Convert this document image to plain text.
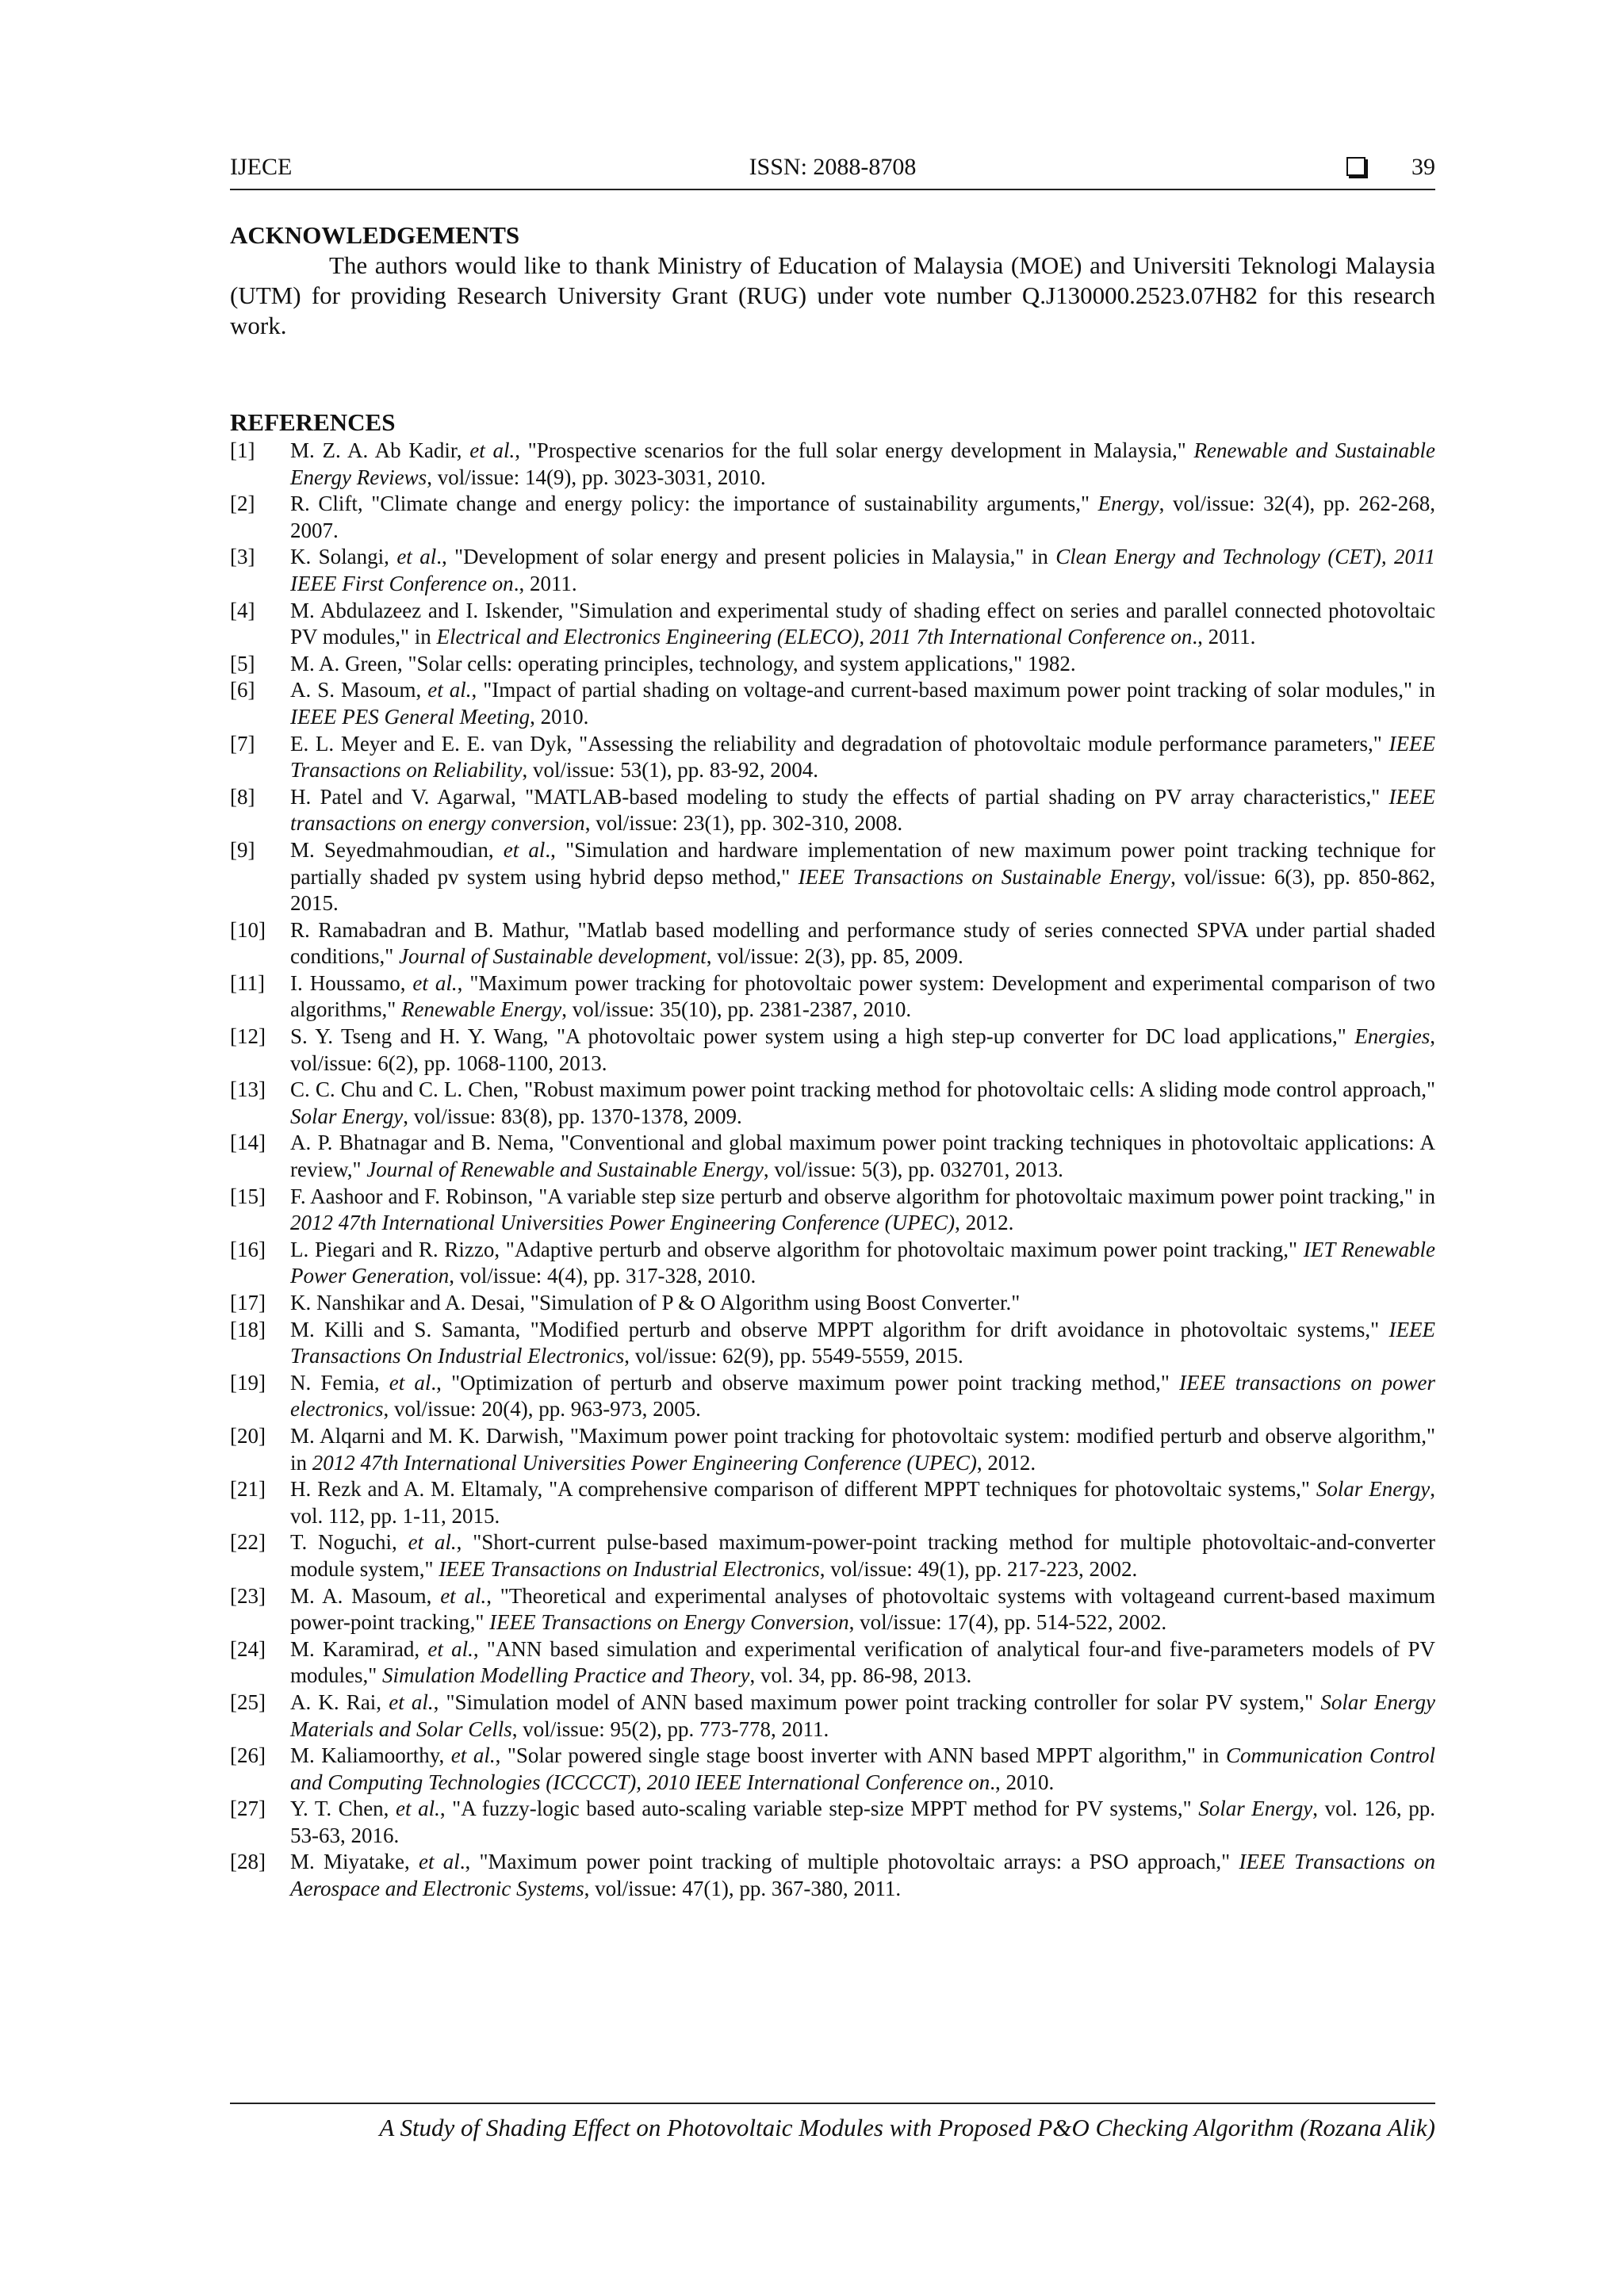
IJECE	ISSN: 2088-8708	39
ACKNOWLEDGEMENTS

The authors would like to thank Ministry of Education of Malaysia (MOE) and Universiti Teknologi Malaysia (UTM) for providing Research University Grant (RUG) under vote number Q.J130000.2523.07H82 for this research work.

REFERENCES
[1] M. Z. A. Ab Kadir, et al., "Prospective scenarios for the full solar energy development in Malaysia," Renewable and Sustainable Energy Reviews, vol/issue: 14(9), pp. 3023-3031, 2010.
[2] R. Clift, "Climate change and energy policy: the importance of sustainability arguments," Energy, vol/issue: 32(4), pp. 262-268, 2007.
[3] K. Solangi, et al., "Development of solar energy and present policies in Malaysia," in Clean Energy and Technology (CET), 2011 IEEE First Conference on., 2011.
[4] M. Abdulazeez and I. Iskender, "Simulation and experimental study of shading effect on series and parallel connected photovoltaic PV modules," in Electrical and Electronics Engineering (ELECO), 2011 7th International Conference on., 2011.
[5] M. A. Green, "Solar cells: operating principles, technology, and system applications," 1982.
[6] A. S. Masoum, et al., "Impact of partial shading on voltage-and current-based maximum power point tracking of solar modules," in IEEE PES General Meeting, 2010.
[7] E. L. Meyer and E. E. van Dyk, "Assessing the reliability and degradation of photovoltaic module performance parameters," IEEE Transactions on Reliability, vol/issue: 53(1), pp. 83-92, 2004.
[8] H. Patel and V. Agarwal, "MATLAB-based modeling to study the effects of partial shading on PV array characteristics," IEEE transactions on energy conversion, vol/issue: 23(1), pp. 302-310, 2008.
[9] M. Seyedmahmoudian, et al., "Simulation and hardware implementation of new maximum power point tracking technique for partially shaded pv system using hybrid depso method," IEEE Transactions on Sustainable Energy, vol/issue: 6(3), pp. 850-862, 2015.
[10] R. Ramabadran and B. Mathur, "Matlab based modelling and performance study of series connected SPVA under partial shaded conditions," Journal of Sustainable development, vol/issue: 2(3), pp. 85, 2009.
[11] I. Houssamo, et al., "Maximum power tracking for photovoltaic power system: Development and experimental comparison of two algorithms," Renewable Energy, vol/issue: 35(10), pp. 2381-2387, 2010.
[12] S. Y. Tseng and H. Y. Wang, "A photovoltaic power system using a high step-up converter for DC load applications," Energies, vol/issue: 6(2), pp. 1068-1100, 2013.
[13] C. C. Chu and C. L. Chen, "Robust maximum power point tracking method for photovoltaic cells: A sliding mode control approach," Solar Energy, vol/issue: 83(8), pp. 1370-1378, 2009.
[14] A. P. Bhatnagar and B. Nema, "Conventional and global maximum power point tracking techniques in photovoltaic applications: A review," Journal of Renewable and Sustainable Energy, vol/issue: 5(3), pp. 032701, 2013.
[15] F. Aashoor and F. Robinson, "A variable step size perturb and observe algorithm for photovoltaic maximum power point tracking," in 2012 47th International Universities Power Engineering Conference (UPEC), 2012.
[16] L. Piegari and R. Rizzo, "Adaptive perturb and observe algorithm for photovoltaic maximum power point tracking," IET Renewable Power Generation, vol/issue: 4(4), pp. 317-328, 2010.
[17] K. Nanshikar and A. Desai, "Simulation of P & O Algorithm using Boost Converter."
[18] M. Killi and S. Samanta, "Modified perturb and observe MPPT algorithm for drift avoidance in photovoltaic systems," IEEE Transactions On Industrial Electronics, vol/issue: 62(9), pp. 5549-5559, 2015.
[19] N. Femia, et al., "Optimization of perturb and observe maximum power point tracking method," IEEE transactions on power electronics, vol/issue: 20(4), pp. 963-973, 2005.
[20] M. Alqarni and M. K. Darwish, "Maximum power point tracking for photovoltaic system: modified perturb and observe algorithm," in 2012 47th International Universities Power Engineering Conference (UPEC), 2012.
[21] H. Rezk and A. M. Eltamaly, "A comprehensive comparison of different MPPT techniques for photovoltaic systems," Solar Energy, vol. 112, pp. 1-11, 2015.
[22] T. Noguchi, et al., "Short-current pulse-based maximum-power-point tracking method for multiple photovoltaic-and-converter module system," IEEE Transactions on Industrial Electronics, vol/issue: 49(1), pp. 217-223, 2002.
[23] M. A. Masoum, et al., "Theoretical and experimental analyses of photovoltaic systems with voltageand current-based maximum power-point tracking," IEEE Transactions on Energy Conversion, vol/issue: 17(4), pp. 514-522, 2002.
[24] M. Karamirad, et al., "ANN based simulation and experimental verification of analytical four-and five-parameters models of PV modules," Simulation Modelling Practice and Theory, vol. 34, pp. 86-98, 2013.
[25] A. K. Rai, et al., "Simulation model of ANN based maximum power point tracking controller for solar PV system," Solar Energy Materials and Solar Cells, vol/issue: 95(2), pp. 773-778, 2011.
[26] M. Kaliamoorthy, et al., "Solar powered single stage boost inverter with ANN based MPPT algorithm," in Communication Control and Computing Technologies (ICCCCT), 2010 IEEE International Conference on., 2010.
[27] Y. T. Chen, et al., "A fuzzy-logic based auto-scaling variable step-size MPPT method for PV systems," Solar Energy, vol. 126, pp. 53-63, 2016.
[28] M. Miyatake, et al., "Maximum power point tracking of multiple photovoltaic arrays: a PSO approach," IEEE Transactions on Aerospace and Electronic Systems, vol/issue: 47(1), pp. 367-380, 2011.
A Study of Shading Effect on Photovoltaic Modules with Proposed P&O Checking Algorithm (Rozana Alik)
